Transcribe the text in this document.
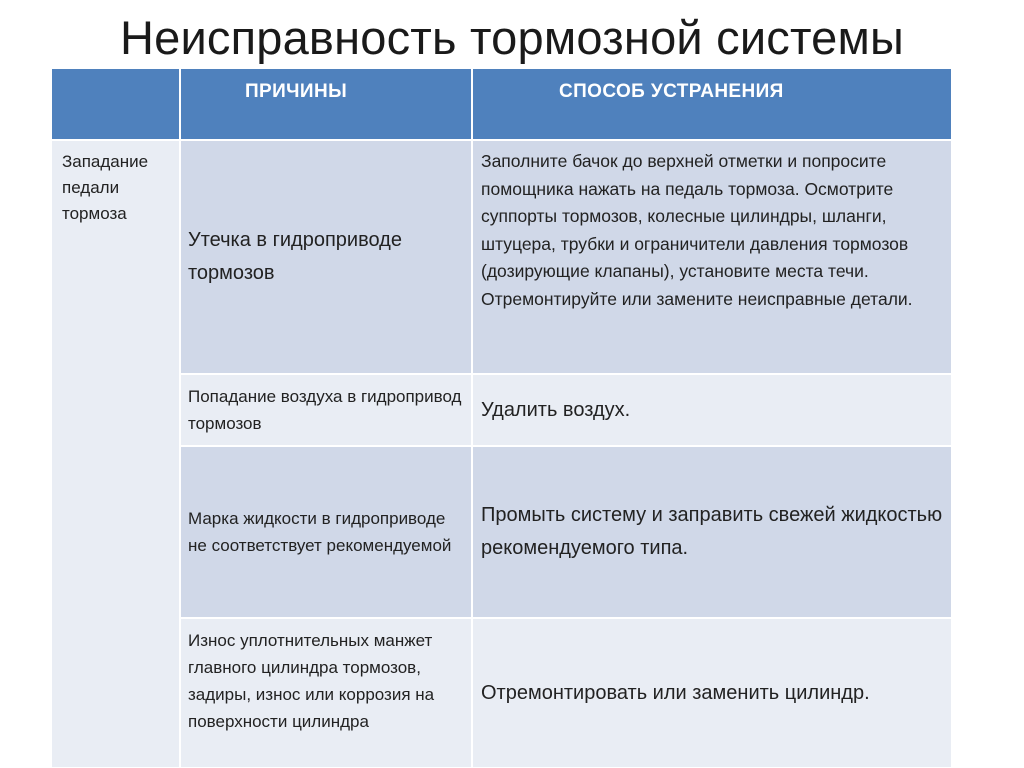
Неисправность тормозной системы
ПРИЧИНЫ	СПОСОБ УСТРАНЕНИЯ
Западание педали тормоза
Утечка в гидроприводе тормозов
Заполните бачок до верхней отметки и попросите помощника нажать на педаль тормоза. Осмотрите суппорты тормозов, колесные цилиндры, шланги, штуцера, трубки и ограничители давления тормозов (дозирующие клапаны), установите места течи. Отремонтируйте или замените неисправные детали.
Попадание воздуха в гидропривод тормозов
Удалить воздух.
Марка жидкости в гидроприводе не соответствует рекомендуемой
Промыть систему и заправить свежей жидкостью рекомендуемого типа.
Износ уплотнительных манжет главного цилиндра тормозов, задиры, износ или коррозия на поверхности цилиндра
Отремонтировать или заменить цилиндр.
